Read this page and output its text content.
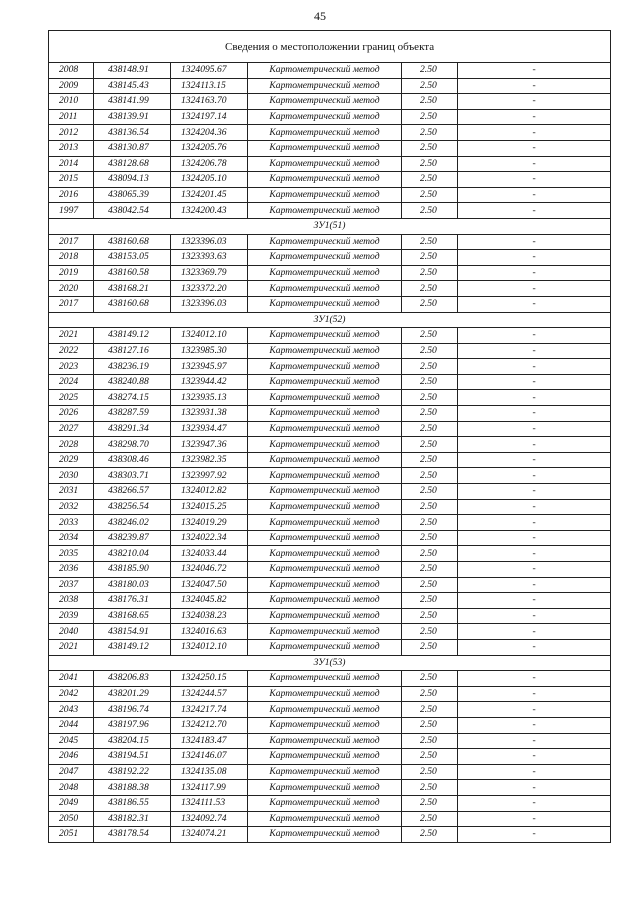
45
Сведения о местоположении границ объекта					
2008	438148.91	1324095.67	Картометрический метод	2.50	-
2009	438145.43	1324113.15	Картометрический метод	2.50	-
2010	438141.99	1324163.70	Картометрический метод	2.50	-
2011	438139.91	1324197.14	Картометрический метод	2.50	-
2012	438136.54	1324204.36	Картометрический метод	2.50	-
2013	438130.87	1324205.76	Картометрический метод	2.50	-
2014	438128.68	1324206.78	Картометрический метод	2.50	-
2015	438094.13	1324205.10	Картометрический метод	2.50	-
2016	438065.39	1324201.45	Картометрический метод	2.50	-
1997	438042.54	1324200.43	Картометрический метод	2.50	-
ЗУ1(51)					
2017	438160.68	1323396.03	Картометрический метод	2.50	-
2018	438153.05	1323393.63	Картометрический метод	2.50	-
2019	438160.58	1323369.79	Картометрический метод	2.50	-
2020	438168.21	1323372.20	Картометрический метод	2.50	-
2017	438160.68	1323396.03	Картометрический метод	2.50	-
ЗУ1(52)					
2021	438149.12	1324012.10	Картометрический метод	2.50	-
2022	438127.16	1323985.30	Картометрический метод	2.50	-
2023	438236.19	1323945.97	Картометрический метод	2.50	-
2024	438240.88	1323944.42	Картометрический метод	2.50	-
2025	438274.15	1323935.13	Картометрический метод	2.50	-
2026	438287.59	1323931.38	Картометрический метод	2.50	-
2027	438291.34	1323934.47	Картометрический метод	2.50	-
2028	438298.70	1323947.36	Картометрический метод	2.50	-
2029	438308.46	1323982.35	Картометрический метод	2.50	-
2030	438303.71	1323997.92	Картометрический метод	2.50	-
2031	438266.57	1324012.82	Картометрический метод	2.50	-
2032	438256.54	1324015.25	Картометрический метод	2.50	-
2033	438246.02	1324019.29	Картометрический метод	2.50	-
2034	438239.87	1324022.34	Картометрический метод	2.50	-
2035	438210.04	1324033.44	Картометрический метод	2.50	-
2036	438185.90	1324046.72	Картометрический метод	2.50	-
2037	438180.03	1324047.50	Картометрический метод	2.50	-
2038	438176.31	1324045.82	Картометрический метод	2.50	-
2039	438168.65	1324038.23	Картометрический метод	2.50	-
2040	438154.91	1324016.63	Картометрический метод	2.50	-
2021	438149.12	1324012.10	Картометрический метод	2.50	-
ЗУ1(53)					
2041	438206.83	1324250.15	Картометрический метод	2.50	-
2042	438201.29	1324244.57	Картометрический метод	2.50	-
2043	438196.74	1324217.74	Картометрический метод	2.50	-
2044	438197.96	1324212.70	Картометрический метод	2.50	-
2045	438204.15	1324183.47	Картометрический метод	2.50	-
2046	438194.51	1324146.07	Картометрический метод	2.50	-
2047	438192.22	1324135.08	Картометрический метод	2.50	-
2048	438188.38	1324117.99	Картометрический метод	2.50	-
2049	438186.55	1324111.53	Картометрический метод	2.50	-
2050	438182.31	1324092.74	Картометрический метод	2.50	-
2051	438178.54	1324074.21	Картометрический метод	2.50	-
